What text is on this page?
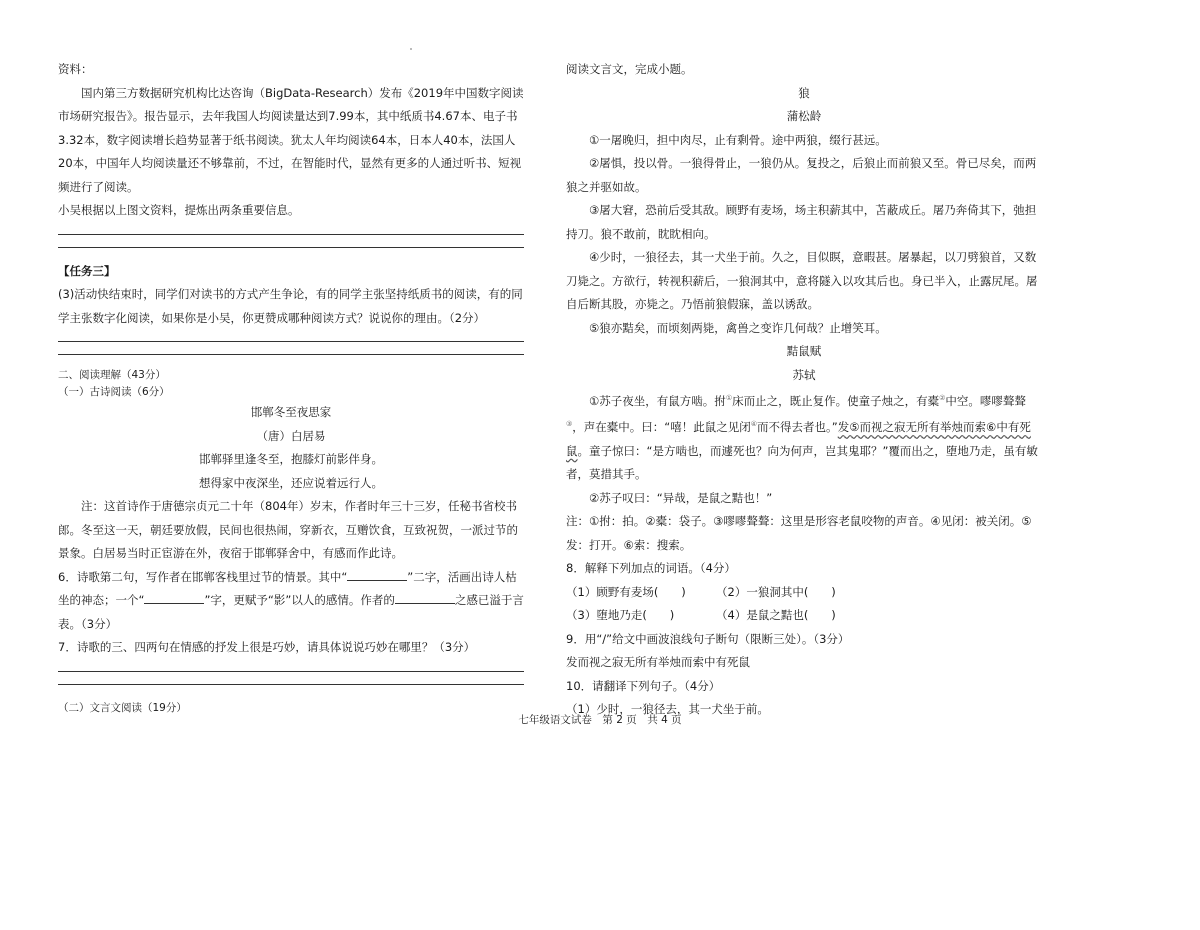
资料：

国内第三方数据研究机构比达咨询（BigData-Research）发布《2019年中国数字阅读市场研究报告》。报告显示，去年我国人均阅读量达到7.99本，其中纸质书4.67本、电子书3.32本，数字阅读增长趋势显著于纸书阅读。犹太人年均阅读64本，日本人40本，法国人20本，中国年人均阅读量还不够靠前，不过，在智能时代，显然有更多的人通过听书、短视频进行了阅读。

小吴根据以上图文资料，提炼出两条重要信息。

【任务三】

(3)活动快结束时，同学们对读书的方式产生争论，有的同学主张坚持纸质书的阅读，有的同学主张数字化阅读，如果你是小吴，你更赞成哪种阅读方式？说说你的理由。（2分）

二、阅读理解（43分）

（一）古诗阅读（6分）

邯郸冬至夜思家

（唐）白居易

邯郸驿里逢冬至，抱膝灯前影伴身。

想得家中夜深坐，还应说着远行人。

注：这首诗作于唐德宗贞元二十年（804年）岁末，作者时年三十三岁，任秘书省校书郎。冬至这一天，朝廷要放假，民间也很热闹，穿新衣，互赠饮食，互致祝贺，一派过节的景象。白居易当时正宦游在外，夜宿于邯郸驿舍中，有感而作此诗。

6．诗歌第二句，写作者在邯郸客栈里过节的情景。其中“	”二字，活画出诗人枯坐的神态；一个“	”字，更赋予“影”以人的感情。作者的	之感已溢于言表。（3分）

7．诗歌的三、四两句在情感的抒发上很是巧妙，请具体说说巧妙在哪里？（3分）

（二）文言文阅读（19分）

阅读文言文，完成小题。

狼

蒲松龄

①一屠晚归，担中肉尽，止有剩骨。途中两狼，缀行甚远。

②屠惧，投以骨。一狼得骨止，一狼仍从。复投之，后狼止而前狼又至。骨已尽矣，而两狼之并驱如故。

③屠大窘，恐前后受其敌。顾野有麦场，场主积薪其中，苫蔽成丘。屠乃奔倚其下，弛担持刀。狼不敢前，眈眈相向。

④少时，一狼径去，其一犬坐于前。久之，目似瞑，意暇甚。屠暴起，以刀劈狼首，又数刀毙之。方欲行，转视积薪后，一狼洞其中，意将隧入以攻其后也。身已半入，止露尻尾。屠自后断其股，亦毙之。乃悟前狼假寐，盖以诱敌。

⑤狼亦黠矣，而顷刻两毙，禽兽之变诈几何哉？止增笑耳。

黠鼠赋

苏轼

①苏子夜坐，有鼠方啮。拊①床而止之，既止复作。使童子烛之，有橐②中空。嘐嘐聱聱③，声在橐中。曰：“嘻！此鼠之见闭④而不得去者也。”发⑤而视之寂无所有举烛而索⑥中有死鼠。童子惊曰：“是方啮也，而遽死也？向为何声，岂其鬼耶？”覆而出之，堕地乃走，虽有敏者，莫措其手。

②苏子叹曰：“异哉，是鼠之黠也！”

注：①拊：拍。②橐：袋子。③嘐嘐聱聱：这里是形容老鼠咬物的声音。④见闭：被关闭。⑤发：打开。⑥索：搜索。

8．解释下列加点的词语。（4分）

（1）顾野有麦场(　　)	（2）一狼洞其中(　　)

（3）堕地乃走(　　)	（4）是鼠之黠也(　　)

9．用“/”给文中画波浪线句子断句（限断三处）。（3分）

发而视之寂无所有举烛而索中有死鼠

10．请翻译下列句子。（4分）

（1）少时，一狼径去，其一犬坐于前。

七年级语文试卷　第 2 页　共 4 页
